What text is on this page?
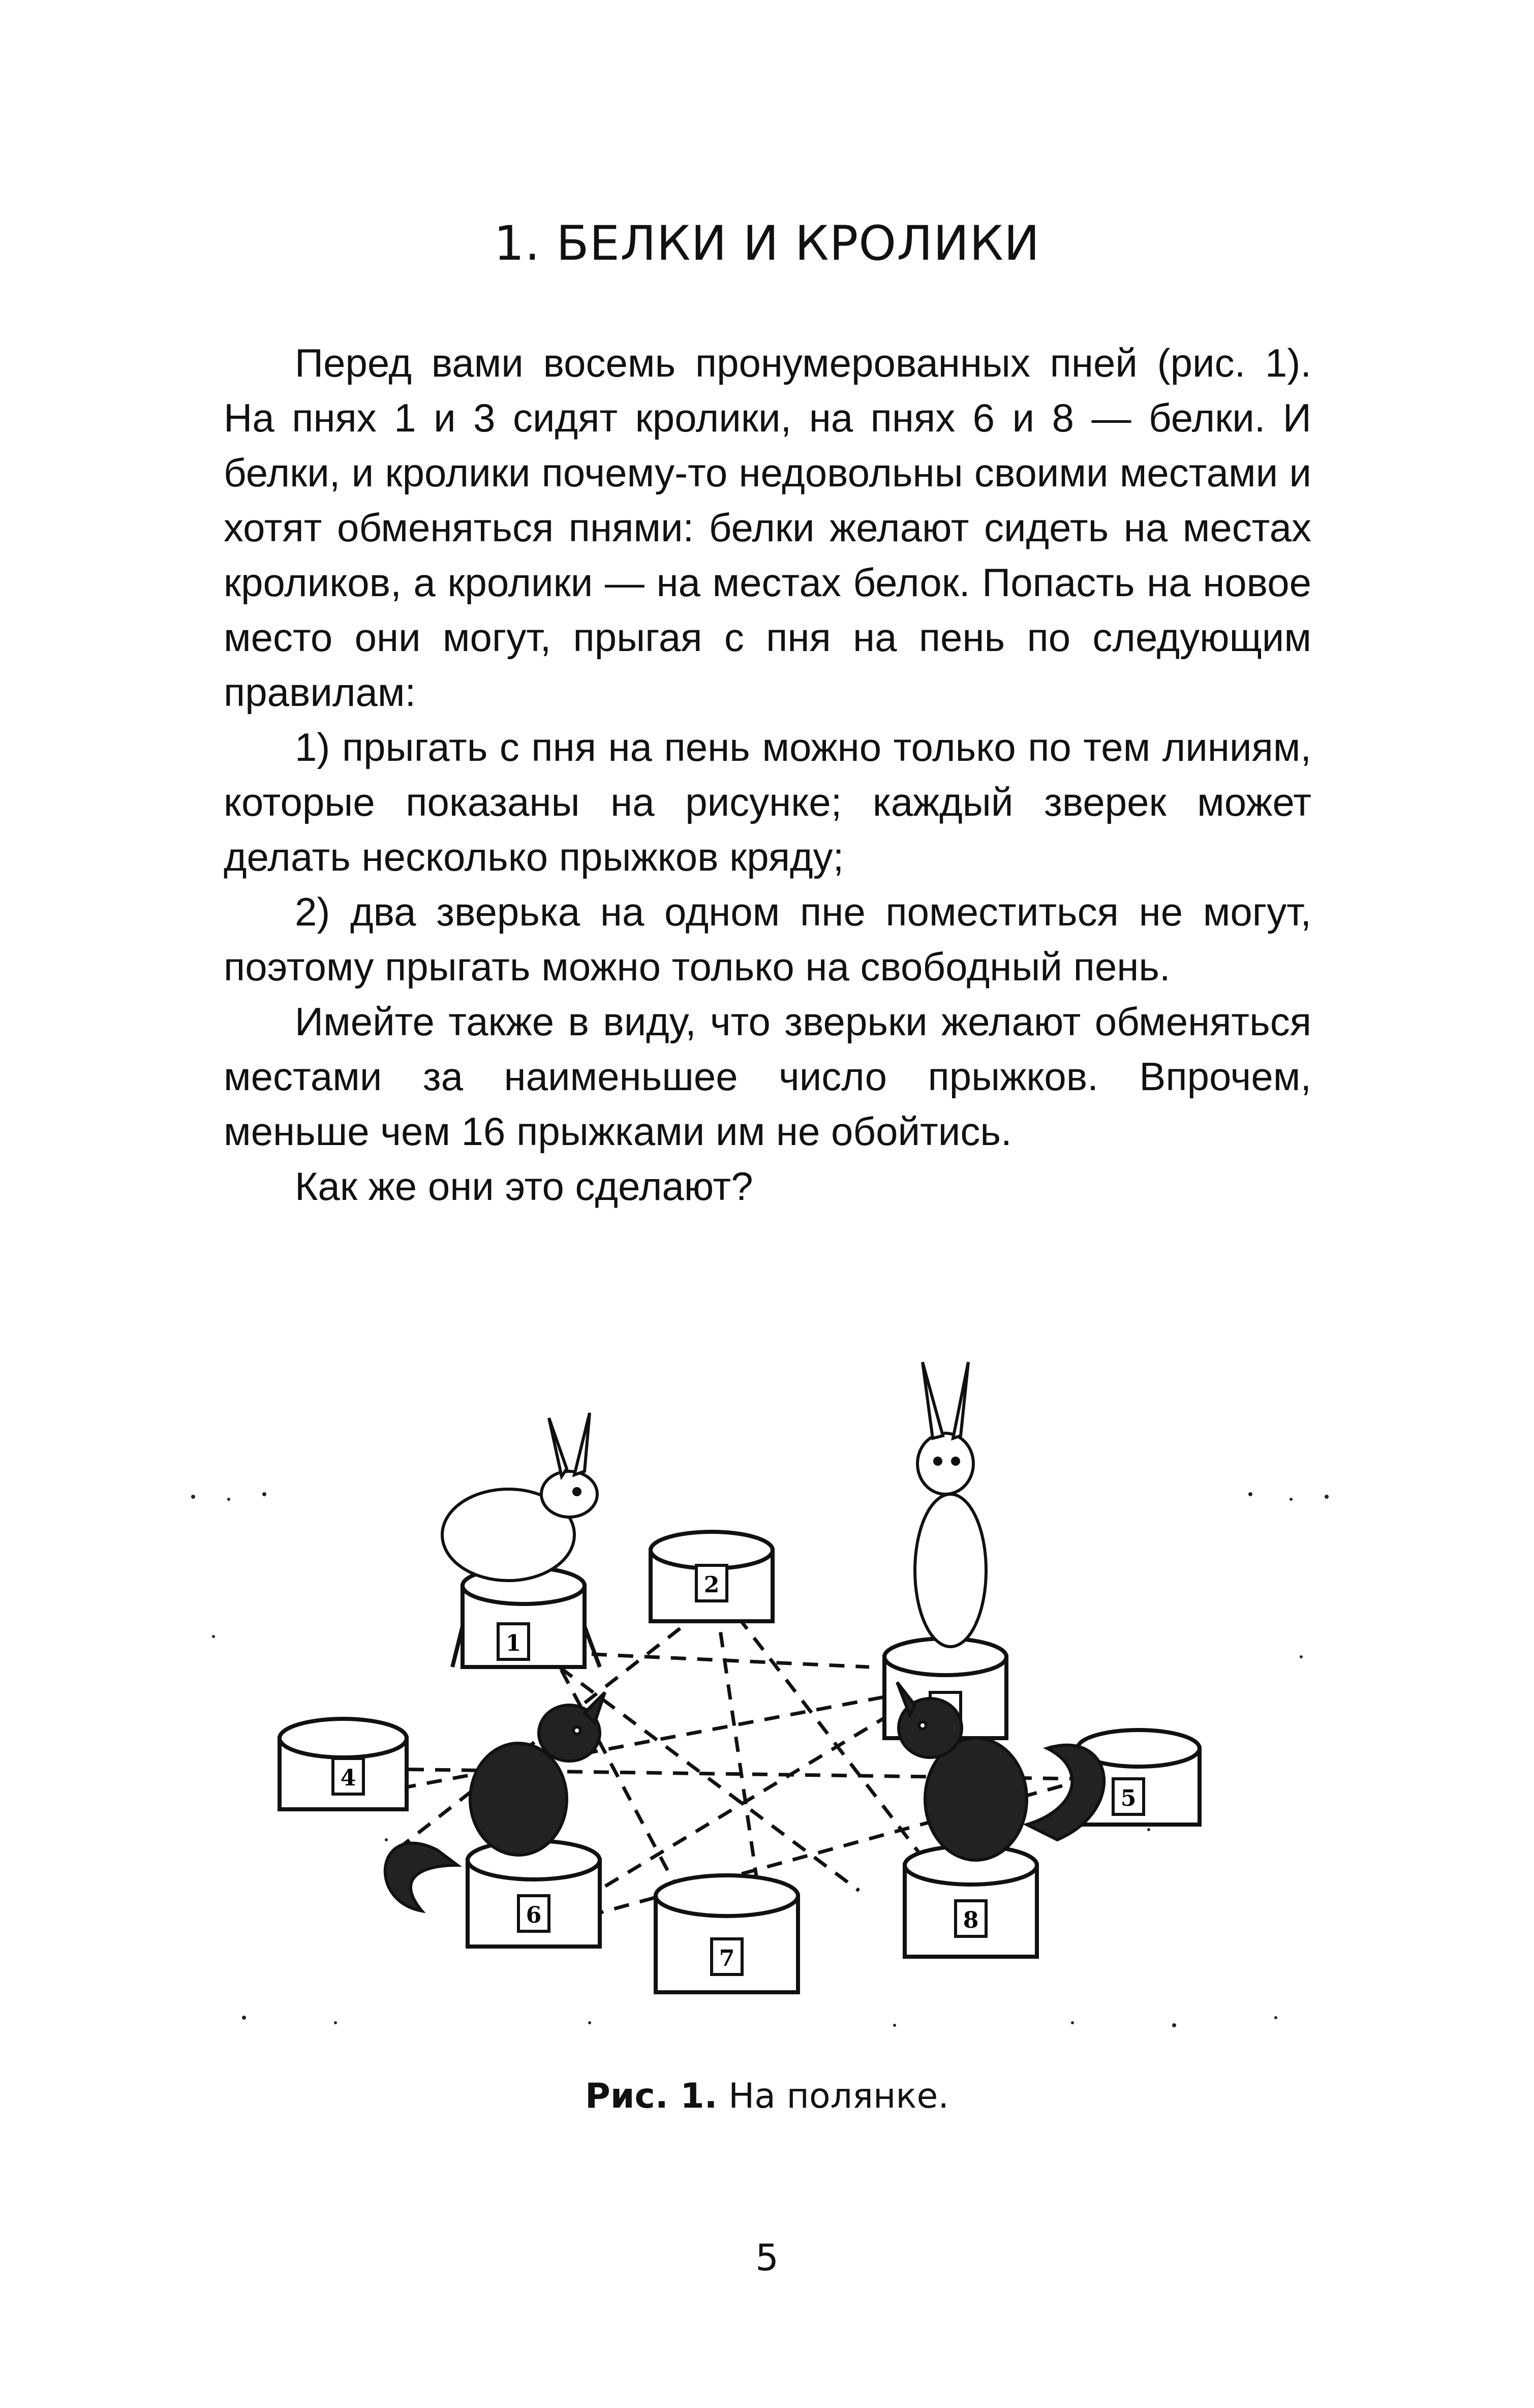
1. БЕЛКИ И КРОЛИКИ

Перед вами восемь пронумерованных пней (рис. 1). На пнях 1 и 3 сидят кролики, на пнях 6 и 8 — белки. И белки, и кролики почему-то недовольны своими местами и хотят обменяться пнями: белки желают сидеть на местах кроликов, а кролики — на местах белок. Попасть на новое место они могут, прыгая с пня на пень по следующим правилам:

1) прыгать с пня на пень можно только по тем линиям, которые показаны на рисунке; каждый зверек может делать несколько прыжков кряду;

2) два зверька на одном пне поместиться не могут, поэтому прыгать можно только на свободный пень.

Имейте также в виду, что зверьки желают обменяться местами за наименьшее число прыжков. Впрочем, меньше чем 16 прыжками им не обойтись.

Как же они это сделают?

1
2
4
5
6
7
8
Рис. 1. На полянке.
5
